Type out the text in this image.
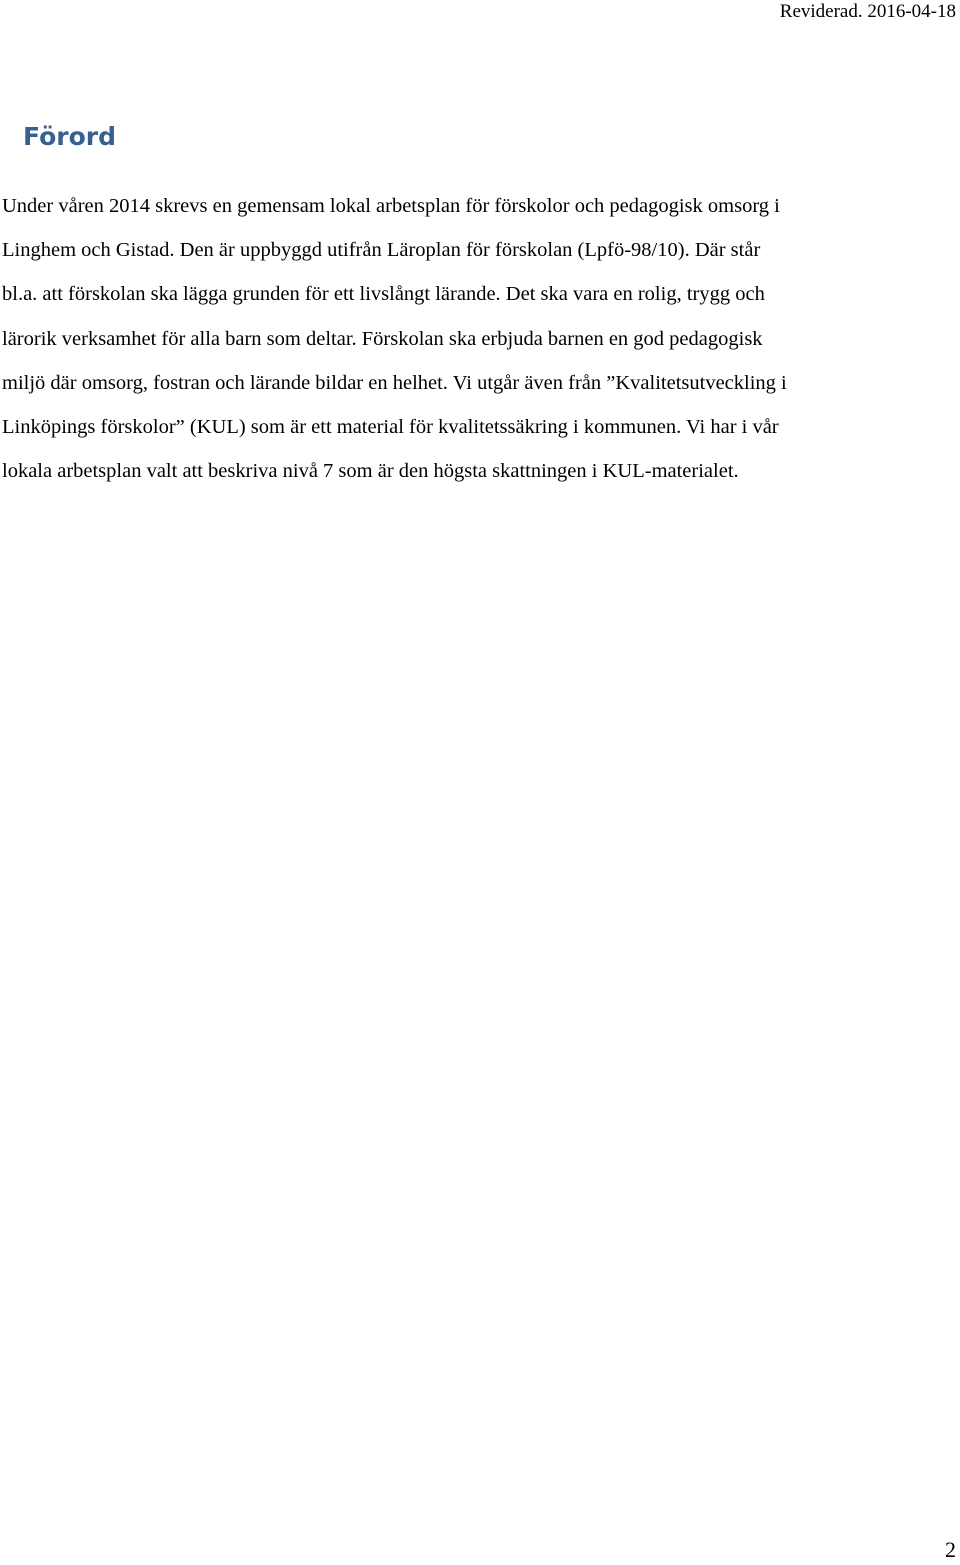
Reviderad. 2016-04-18
Förord
Under våren 2014 skrevs en gemensam lokal arbetsplan för förskolor och pedagogisk omsorg i
Linghem och Gistad. Den är uppbyggd utifrån Läroplan för förskolan (Lpfö-98/10). Där står
bl.a. att förskolan ska lägga grunden för ett livslångt lärande. Det ska vara en rolig, trygg och
lärorik verksamhet för alla barn som deltar. Förskolan ska erbjuda barnen en god pedagogisk
miljö där omsorg, fostran och lärande bildar en helhet. Vi utgår även från ”Kvalitetsutveckling i
Linköpings förskolor” (KUL) som är ett material för kvalitetssäkring i kommunen. Vi har i vår
lokala arbetsplan valt att beskriva nivå 7 som är den högsta skattningen i KUL-materialet.
2
